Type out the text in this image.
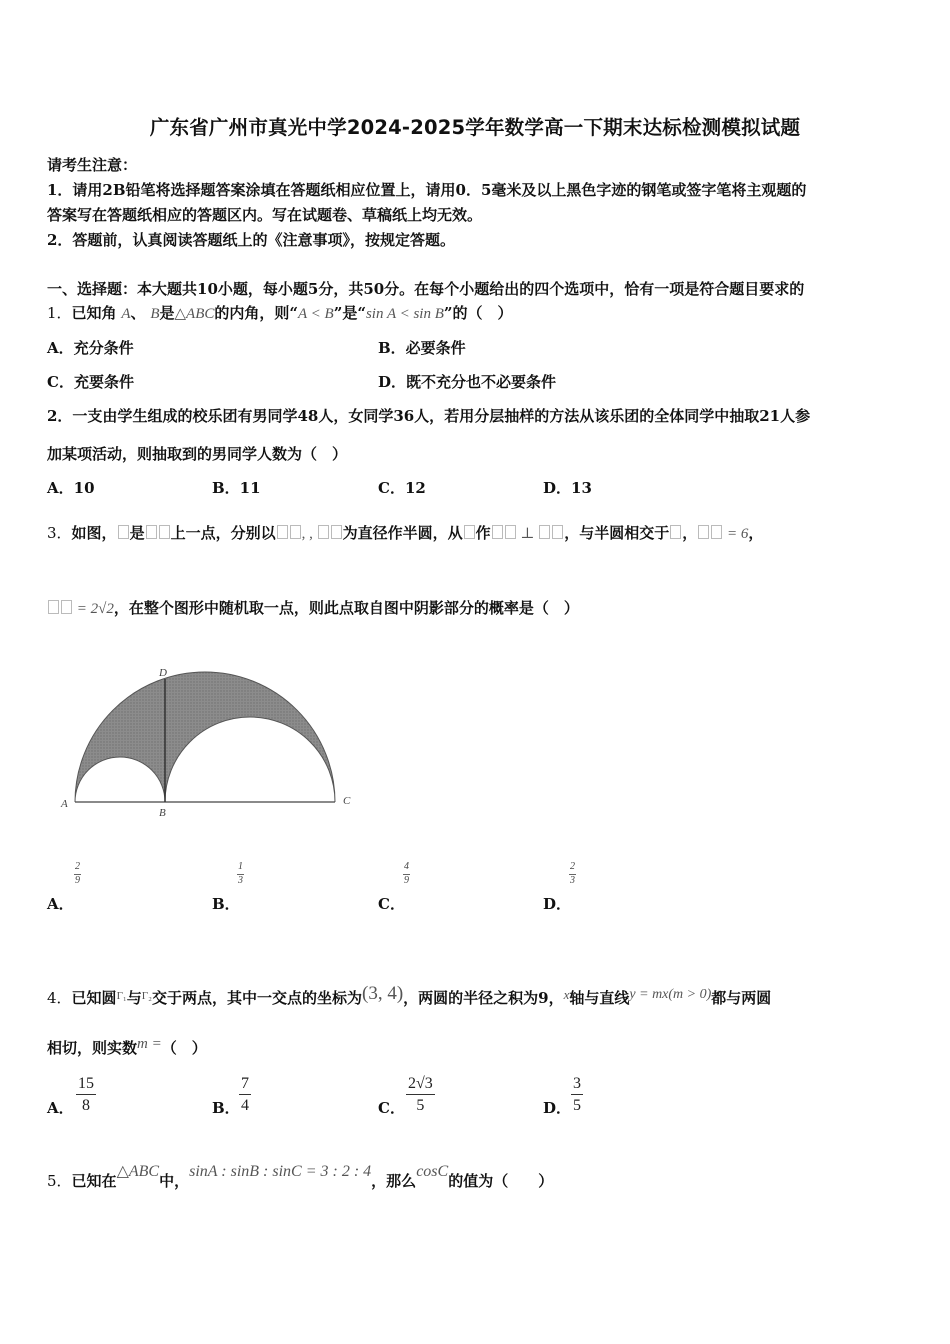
广东省广州市真光中学2024-2025学年数学高一下期末达标检测模拟试题
请考生注意：
1．请用2B铅笔将选择题答案涂填在答题纸相应位置上，请用0．5毫米及以上黑色字迹的钢笔或签字笔将主观题的
答案写在答题纸相应的答题区内。写在试题卷、草稿纸上均无效。
2．答题前，认真阅读答题纸上的《注意事项》，按规定答题。
一、选择题：本大题共10小题，每小题5分，共50分。在每个小题给出的四个选项中，恰有一项是符合题目要求的
1．已知角 A、 B是△ABC的内角，则“A < B”是“sin A < sin B”的（　）
A．充分条件	B．必要条件
C．充要条件	D．既不充分也不必要条件
2．一支由学生组成的校乐团有男同学48人，女同学36人，若用分层抽样的方法从该乐团的全体同学中抽取21人参
加某项活动，则抽取到的男同学人数为（　）
A．10	B．11	C．12	D．13
3．如图， 是 上一点，分别以 , , 为直径作半圆，从 作 ⊥ ，与半圆相交于 ， = 6，
= 2√2，在整个图形中随机取一点，则此点取自图中阴影部分的概率是（　）
A
B
C
D
A．
2
9
B．
1
3
C．
4
9
D．
2
3
4．已知圆$^{\Gamma_1}$与$^{\Gamma_2}$交于两点，其中一交点的坐标为(3, 4)，两圆的半径之积为9，x轴与直线y = mx(m > 0)都与两圆
相切，则实数m =（　）
A． $\frac{15}{8}$	B． $\frac{7}{4}$	C． $\frac{2√3}{5}$	D． $\frac{3}{5}$
5．已知在△ABC中，sinA : sinB : sinC = 3 : 2 : 4，那么cosC的值为（　　）
